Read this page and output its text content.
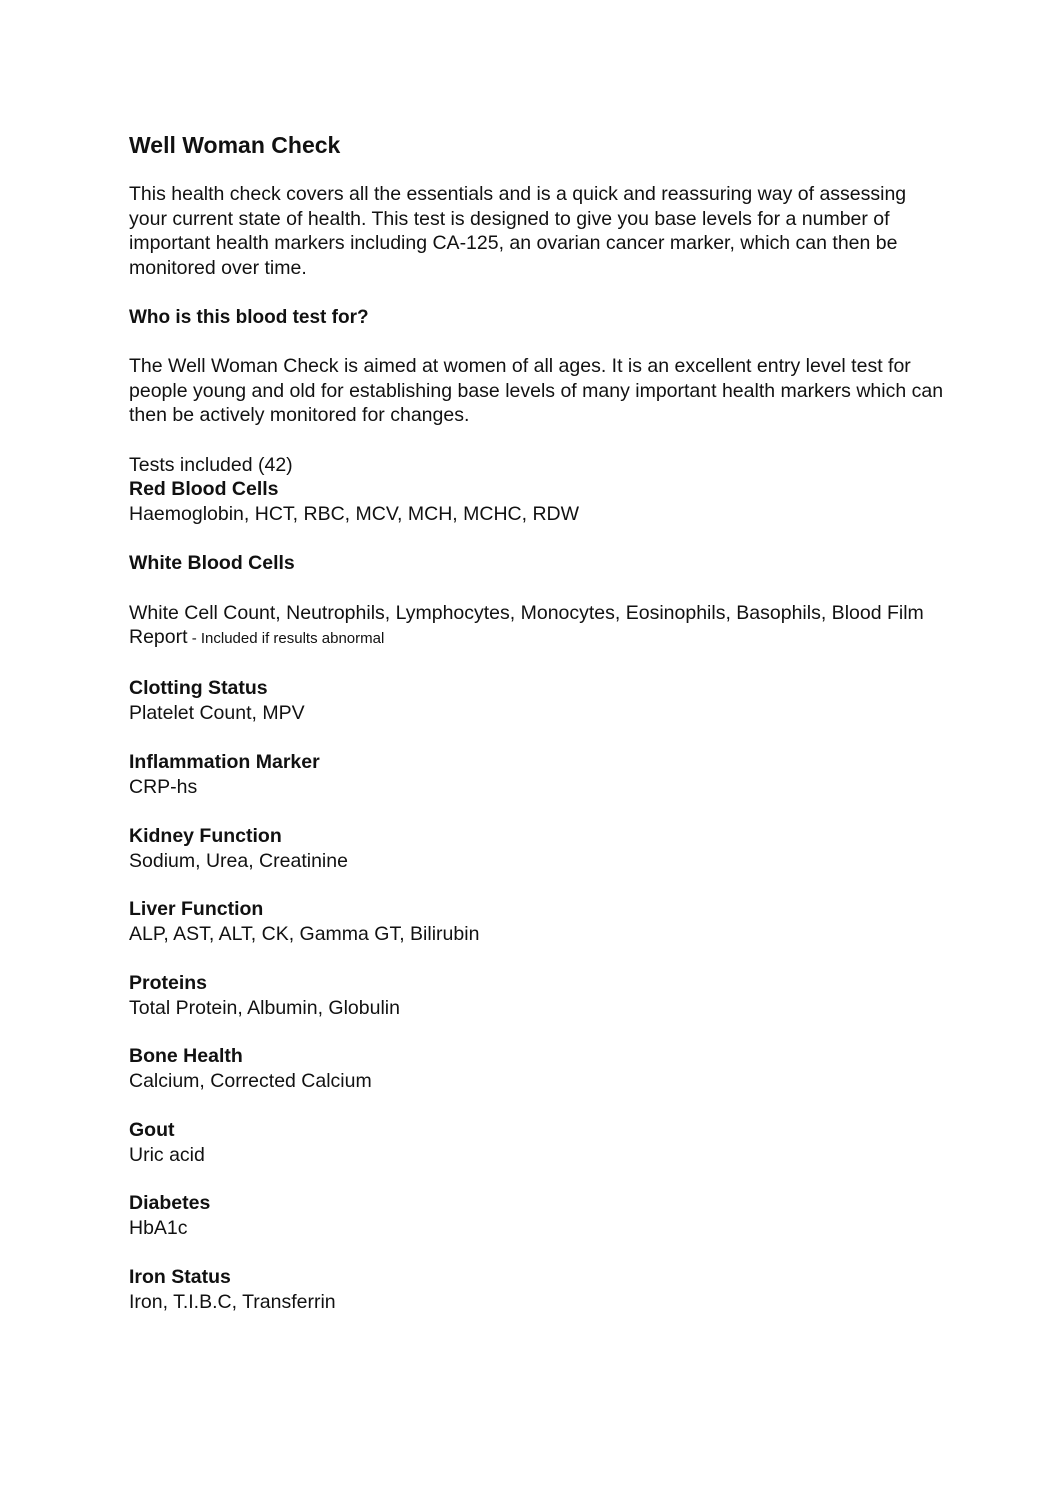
Well Woman Check

This health check covers all the essentials and is a quick and reassuring way of assessing your current state of health. This test is designed to give you base levels for a number of important health markers including CA-125, an ovarian cancer marker, which can then be monitored over time.

Who is this blood test for?

The Well Woman Check is aimed at women of all ages. It is an excellent entry level test for people young and old for establishing base levels of many important health markers which can then be actively monitored for changes.

Tests included (42)

Red Blood Cells
Haemoglobin, HCT, RBC, MCV, MCH, MCHC, RDW
White Blood Cells
White Cell Count, Neutrophils, Lymphocytes, Monocytes, Eosinophils, Basophils, Blood Film Report - Included if results abnormal
Clotting Status
Platelet Count, MPV
Inflammation Marker
CRP-hs
Kidney Function
Sodium, Urea, Creatinine
Liver Function
ALP, AST, ALT, CK, Gamma GT, Bilirubin
Proteins
Total Protein, Albumin, Globulin
Bone Health
Calcium, Corrected Calcium
Gout
Uric acid
Diabetes
HbA1c
Iron Status
Iron, T.I.B.C, Transferrin
